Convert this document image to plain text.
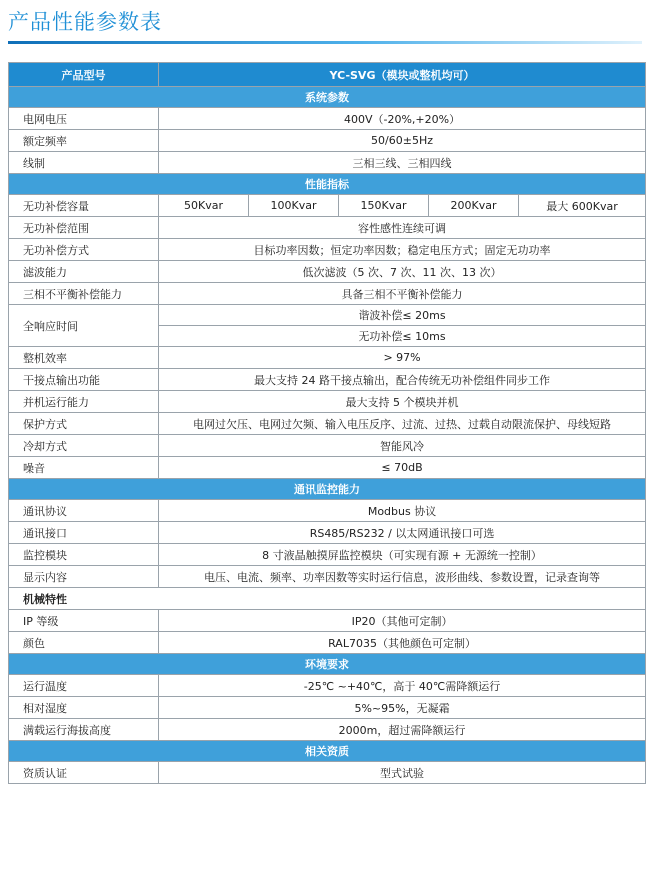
产品性能参数表
产品型号	YC-SVG（模块或整机均可）				
系统参数					
电网电压	400V（-20%,+20%）				
额定频率	50/60±5Hz				
线制	三相三线、三相四线				
性能指标					
无功补偿容量	50Kvar	100Kvar	150Kvar	200Kvar	最大 600Kvar
无功补偿范围	容性感性连续可调				
无功补偿方式	目标功率因数；恒定功率因数；稳定电压方式；固定无功功率				
滤波能力	低次滤波（5 次、7 次、11 次、13 次）				
三相不平衡补偿能力	具备三相不平衡补偿能力				
全响应时间	谐波补偿≤ 20ms				
	无功补偿≤ 10ms				
整机效率	> 97%				
干接点输出功能	最大支持 24 路干接点输出，配合传统无功补偿组件同步工作				
并机运行能力	最大支持 5 个模块并机				
保护方式	电网过欠压、电网过欠频、输入电压反序、过流、过热、过载自动限流保护、母线短路				
冷却方式	智能风冷				
噪音	≤ 70dB				
通讯监控能力					
通讯协议	Modbus 协议				
通讯接口	RS485/RS232 / 以太网通讯接口可选				
监控模块	8 寸液晶触摸屏监控模块（可实现有源 + 无源统一控制）				
显示内容	电压、电流、频率、功率因数等实时运行信息，波形曲线、参数设置，记录查询等				
机械特性					
IP 等级	IP20（其他可定制）				
颜色	RAL7035（其他颜色可定制）				
环境要求					
运行温度	-25℃ ~+40℃，高于 40℃需降额运行				
相对湿度	5%~95%，无凝霜				
满载运行海拔高度	2000m，超过需降额运行				
相关资质					
资质认证	型式试验				
